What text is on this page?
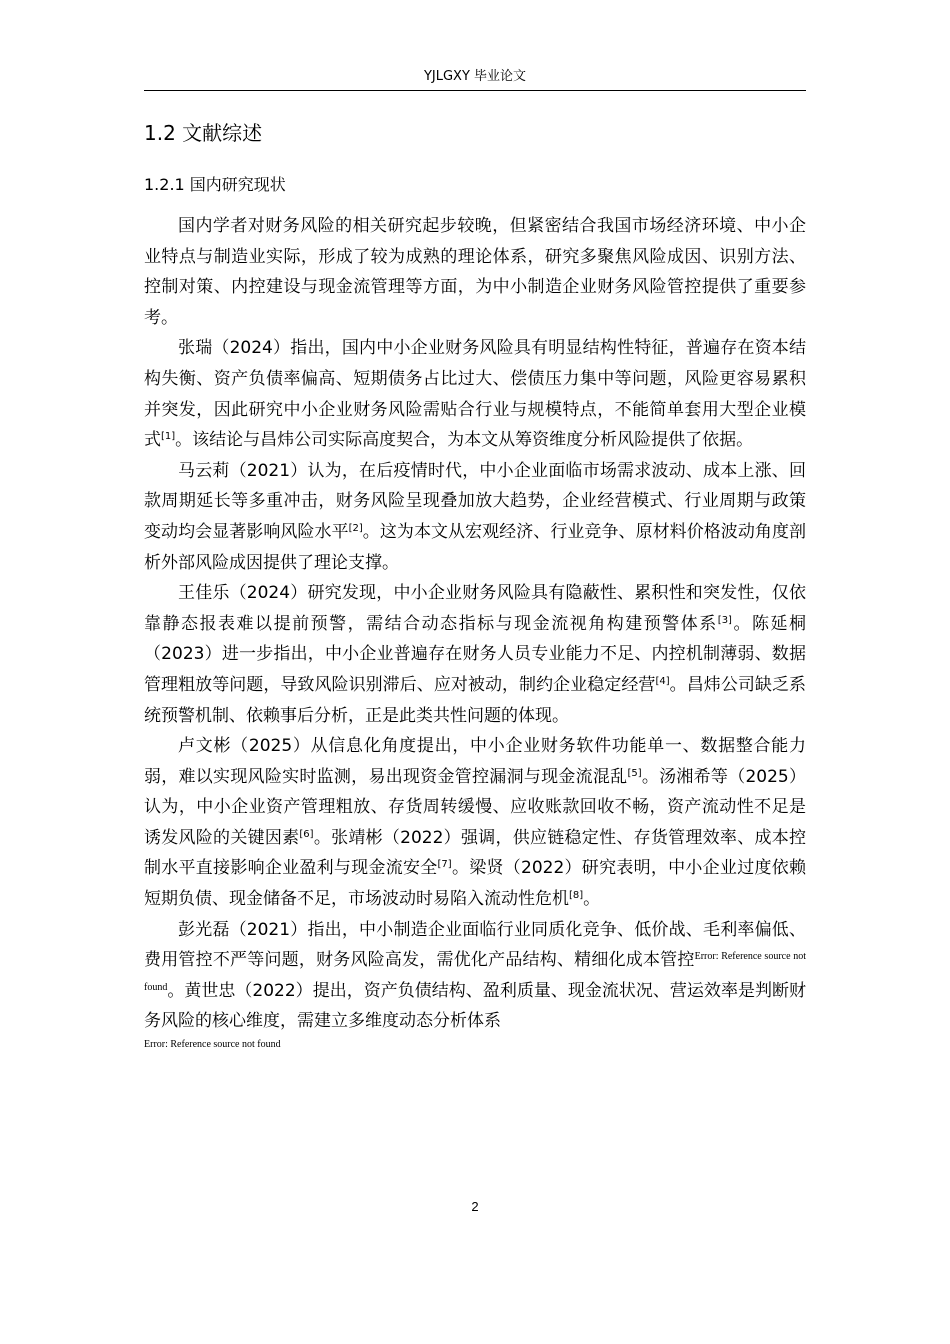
YJLGXY 毕业论文
1.2 文献综述
1.2.1 国内研究现状

国内学者对财务风险的相关研究起步较晚，但紧密结合我国市场经济环境、中小企业特点与制造业实际，形成了较为成熟的理论体系，研究多聚焦风险成因、识别方法、控制对策、内控建设与现金流管理等方面，为中小制造企业财务风险管控提供了重要参考。

张瑞（2024）指出，国内中小企业财务风险具有明显结构性特征，普遍存在资本结构失衡、资产负债率偏高、短期债务占比过大、偿债压力集中等问题，风险更容易累积并突发，因此研究中小企业财务风险需贴合行业与规模特点，不能简单套用大型企业模式[1]。该结论与昌炜公司实际高度契合，为本文从筹资维度分析风险提供了依据。

马云莉（2021）认为，在后疫情时代，中小企业面临市场需求波动、成本上涨、回款周期延长等多重冲击，财务风险呈现叠加放大趋势，企业经营模式、行业周期与政策变动均会显著影响风险水平[2]。这为本文从宏观经济、行业竞争、原材料价格波动角度剖析外部风险成因提供了理论支撑。

王佳乐（2024）研究发现，中小企业财务风险具有隐蔽性、累积性和突发性，仅依靠静态报表难以提前预警，需结合动态指标与现金流视角构建预警体系[3]。陈延桐（2023）进一步指出，中小企业普遍存在财务人员专业能力不足、内控机制薄弱、数据管理粗放等问题，导致风险识别滞后、应对被动，制约企业稳定经营[4]。昌炜公司缺乏系统预警机制、依赖事后分析，正是此类共性问题的体现。

卢文彬（2025）从信息化角度提出，中小企业财务软件功能单一、数据整合能力弱，难以实现风险实时监测，易出现资金管控漏洞与现金流混乱[5]。汤湘希等（2025）认为，中小企业资产管理粗放、存货周转缓慢、应收账款回收不畅，资产流动性不足是诱发风险的关键因素[6]。张靖彬（2022）强调，供应链稳定性、存货管理效率、成本控制水平直接影响企业盈利与现金流安全[7]。梁贤（2022）研究表明，中小企业过度依赖短期负债、现金储备不足，市场波动时易陷入流动性危机[8]。

彭光磊（2021）指出，中小制造企业面临行业同质化竞争、低价战、毛利率偏低、费用管控不严等问题，财务风险高发，需优化产品结构、精细化成本管控$^{Error: Reference source not found}$。黄世忠（2022）提出，资产负债结构、盈利质量、现金流状况、营运效率是判断财务风险的核心维度，需建立多维度动态分析体系
Error: Reference source not found

2
